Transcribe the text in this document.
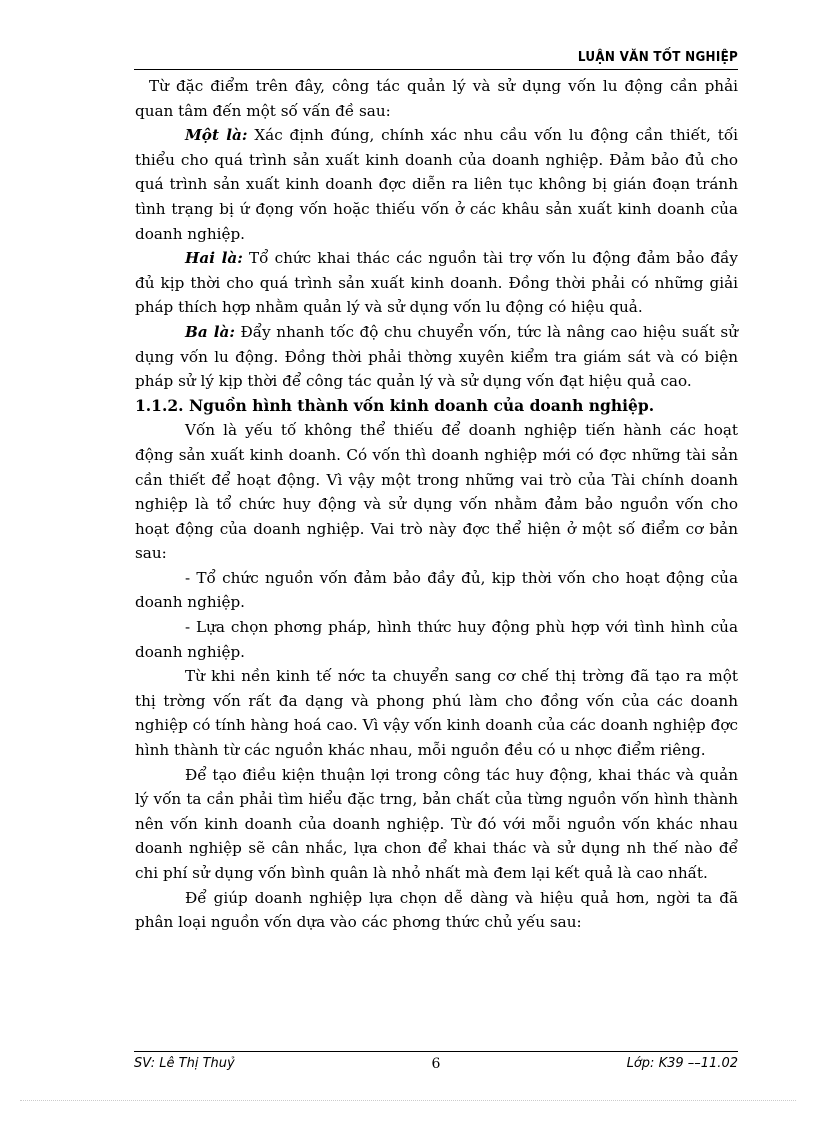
LUẬN VĂN TỐT NGHIỆP

Từ đặc điểm trên đây, công tác quản lý và sử dụng vốn lu động cần phải quan tâm đến một số vấn đề sau:

Một là: Xác định đúng, chính xác nhu cầu vốn lu động cần thiết, tối thiểu cho quá trình sản xuất kinh doanh của doanh nghiệp. Đảm bảo đủ cho quá trình sản xuất kinh doanh đợc diễn ra liên tục không bị gián đoạn tránh tình trạng bị ứ đọng vốn hoặc thiếu vốn ở các khâu sản xuất kinh doanh của doanh nghiệp.

Hai là: Tổ chức khai thác các nguồn tài trợ vốn lu động đảm bảo đầy đủ kịp thời cho quá trình sản xuất kinh doanh. Đồng thời phải có những giải pháp thích hợp nhằm quản lý và sử dụng vốn lu động có hiệu quả.

Ba là: Đẩy nhanh tốc độ chu chuyển vốn, tức là nâng cao hiệu suất sử dụng vốn lu động. Đồng thời phải thờng xuyên kiểm tra giám sát và có biện pháp sử lý kịp thời để công tác quản lý và sử dụng vốn đạt hiệu quả cao.

1.1.2. Nguồn hình thành vốn kinh doanh của doanh nghiệp.

Vốn là yếu tố không thể thiếu để doanh nghiệp tiến hành các hoạt động sản xuất kinh doanh. Có vốn thì doanh nghiệp mới có đợc những tài sản cần thiết để hoạt động. Vì vậy một trong những vai trò của Tài chính doanh nghiệp là tổ chức huy động và sử dụng vốn nhằm đảm bảo nguồn vốn cho hoạt động của doanh nghiệp. Vai trò này đợc thể hiện ở một số điểm cơ bản sau:

- Tổ chức nguồn vốn đảm bảo đầy đủ, kịp thời vốn cho hoạt động của doanh nghiệp.

- Lựa chọn phơng pháp, hình thức huy động phù hợp với tình hình của doanh nghiệp.

Từ khi nền kinh tế nớc ta chuyển sang cơ chế thị trờng đã tạo ra một thị trờng vốn rất đa dạng và phong phú làm cho đồng vốn của các doanh nghiệp có tính hàng hoá cao. Vì vậy vốn kinh doanh của các doanh nghiệp đợc hình thành từ các nguồn khác nhau, mỗi nguồn đều có u nhợc điểm riêng.

Để tạo điều kiện thuận lợi trong công tác huy động, khai thác và quản lý vốn ta cần phải tìm hiểu đặc trng, bản chất của từng nguồn vốn hình thành nên vốn kinh doanh của doanh nghiệp. Từ đó với mỗi nguồn vốn khác nhau doanh nghiệp sẽ cân nhắc, lựa chon để khai thác và sử dụng nh thế nào để chi phí sử dụng vốn bình quân là nhỏ nhất mà đem lại kết quả là cao nhất.

Để giúp doanh nghiệp lựa chọn dễ dàng và hiệu quả hơn, ngời ta đã phân loại nguồn vốn dựa vào các phơng thức chủ yếu sau:

SV: Lê Thị Thuỷ	6	Lớp: K39 ––11.02
